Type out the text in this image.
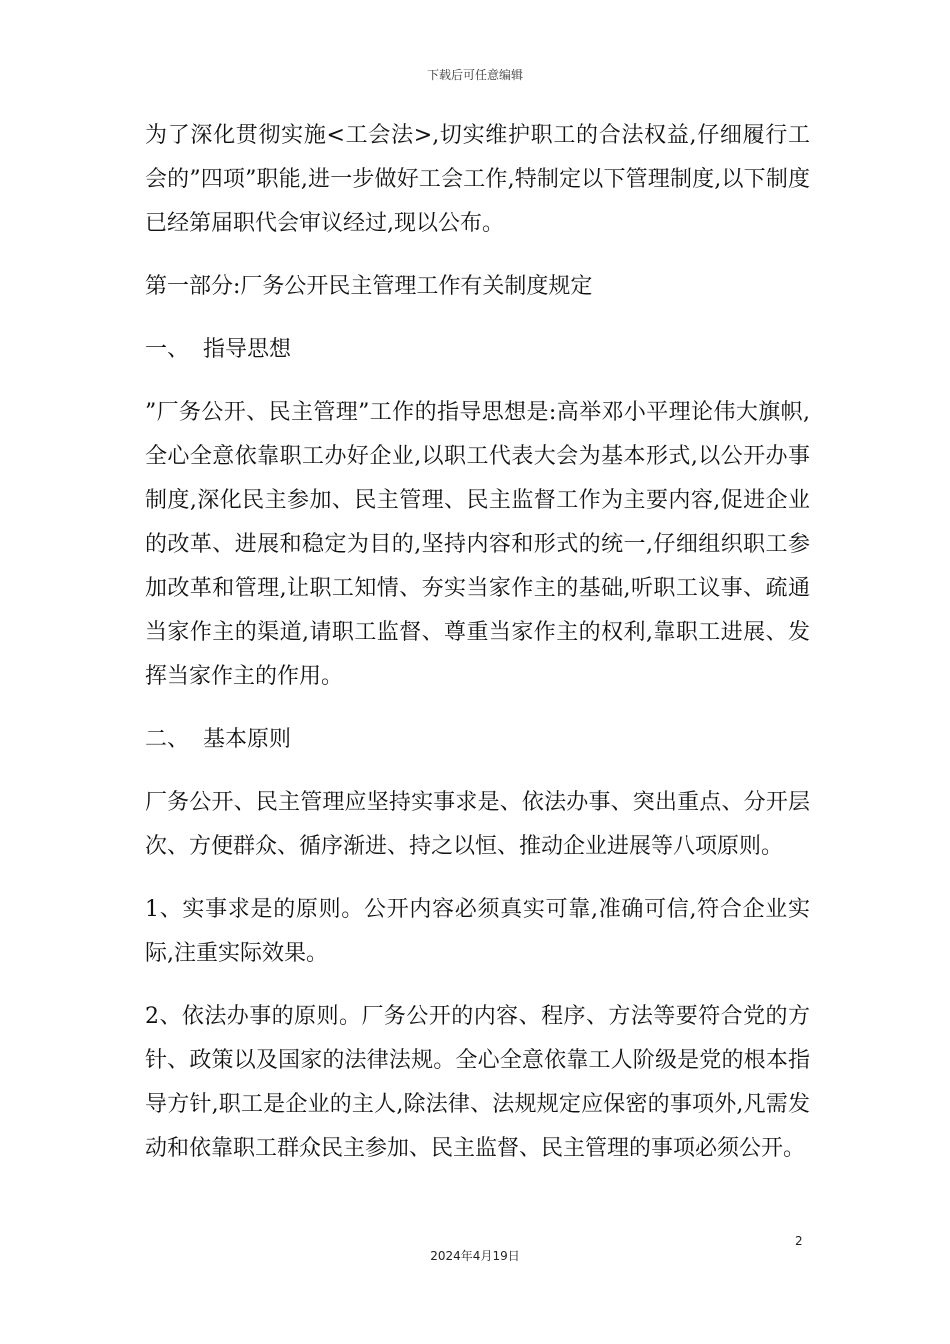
下载后可任意编辑

为了深化贯彻实施<工会法>,切实维护职工的合法权益,仔细履行工会的”四项”职能,进一步做好工会工作,特制定以下管理制度,以下制度已经第届职代会审议经过,现以公布。

第一部分:厂务公开民主管理工作有关制度规定

一、 指导思想

”厂务公开、民主管理”工作的指导思想是:高举邓小平理论伟大旗帜,全心全意依靠职工办好企业,以职工代表大会为基本形式,以公开办事制度,深化民主参加、民主管理、民主监督工作为主要内容,促进企业的改革、进展和稳定为目的,坚持内容和形式的统一,仔细组织职工参加改革和管理,让职工知情、夯实当家作主的基础,听职工议事、疏通当家作主的渠道,请职工监督、尊重当家作主的权利,靠职工进展、发挥当家作主的作用。

二、 基本原则

厂务公开、民主管理应坚持实事求是、依法办事、突出重点、分开层次、方便群众、循序渐进、持之以恒、推动企业进展等八项原则。

1、实事求是的原则。公开内容必须真实可靠,准确可信,符合企业实际,注重实际效果。

2、依法办事的原则。厂务公开的内容、程序、方法等要符合党的方针、政策以及国家的法律法规。全心全意依靠工人阶级是党的根本指导方针,职工是企业的主人,除法律、法规规定应保密的事项外,凡需发动和依靠职工群众民主参加、民主监督、民主管理的事项必须公开。

2
2024年4月19日
